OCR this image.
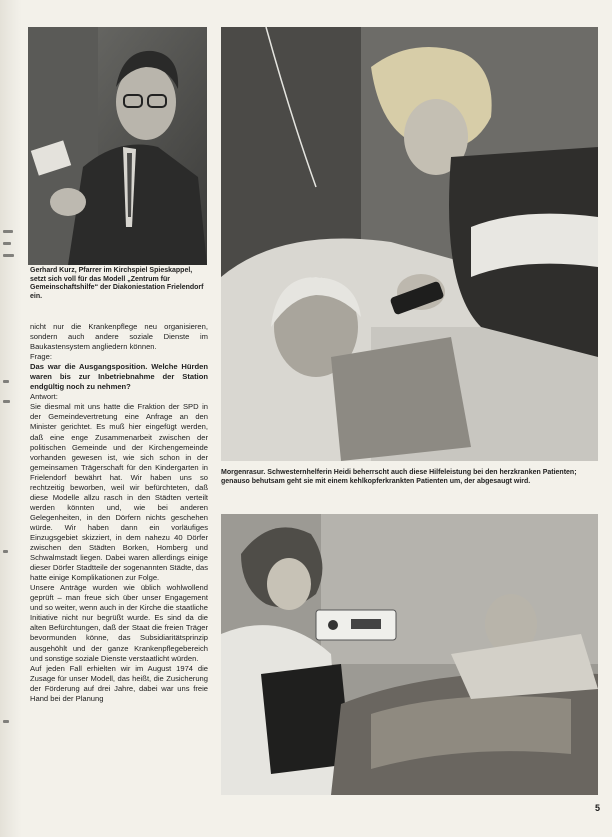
Gerhard Kurz, Pfarrer im Kirchspiel Spieskappel, setzt sich voll für das Modell „Zentrum für Gemeinschaftshilfe“ der Diakoniestation Frielendorf ein.
Morgenrasur. Schwesternhelferin Heidi beherrscht auch diese Hilfeleistung bei den herzkranken Patienten; genauso behutsam geht sie mit einem kehlkopferkrankten Patienten um, der abgesaugt wird.

nicht nur die Krankenpflege neu organisieren, sondern auch andere soziale Dienste im Baukastensystem angliedern können.

Frage:

Das war die Ausgangsposition. Welche Hürden waren bis zur Inbetriebnahme der Station endgültig noch zu nehmen?

Antwort:

Sie diesmal mit uns hatte die Fraktion der SPD in der Gemeindevertretung eine Anfrage an den Minister gerichtet. Es muß hier eingefügt werden, daß eine enge Zusammenarbeit zwischen der politischen Gemeinde und der Kirchengemeinde vorhanden gewesen ist, wie sich schon in der gemeinsamen Trägerschaft für den Kindergarten in Frielendorf bewährt hat. Wir haben uns so rechtzeitig beworben, weil wir befürchteten, daß diese Modelle allzu rasch in den Städten verteilt werden könnten und, wie bei anderen Gelegenheiten, in den Dörfern nichts geschehen würde. Wir haben dann ein vorläufiges Einzugsgebiet skizziert, in dem nahezu 40 Dörfer zwischen den Städten Borken, Homberg und Schwalmstadt liegen. Dabei waren allerdings einige dieser Dörfer Stadtteile der sogenannten Städte, das hatte einige Komplikationen zur Folge.

Unsere Anträge wurden wie üblich wohlwollend geprüft – man freue sich über unser Engagement und so weiter, wenn auch in der Kirche die staatliche Initiative nicht nur begrüßt wurde. Es sind da die alten Befürchtungen, daß der Staat die freien Träger bevormunden könne, das Subsidiaritätsprinzip ausgehöhlt und der ganze Krankenpflegebereich und sonstige soziale Dienste verstaatlicht würden.

Auf jeden Fall erhielten wir im August 1974 die Zusage für unser Modell, das heißt, die Zusicherung der Förderung auf drei Jahre, dabei war uns freie Hand bei der Planung

5
